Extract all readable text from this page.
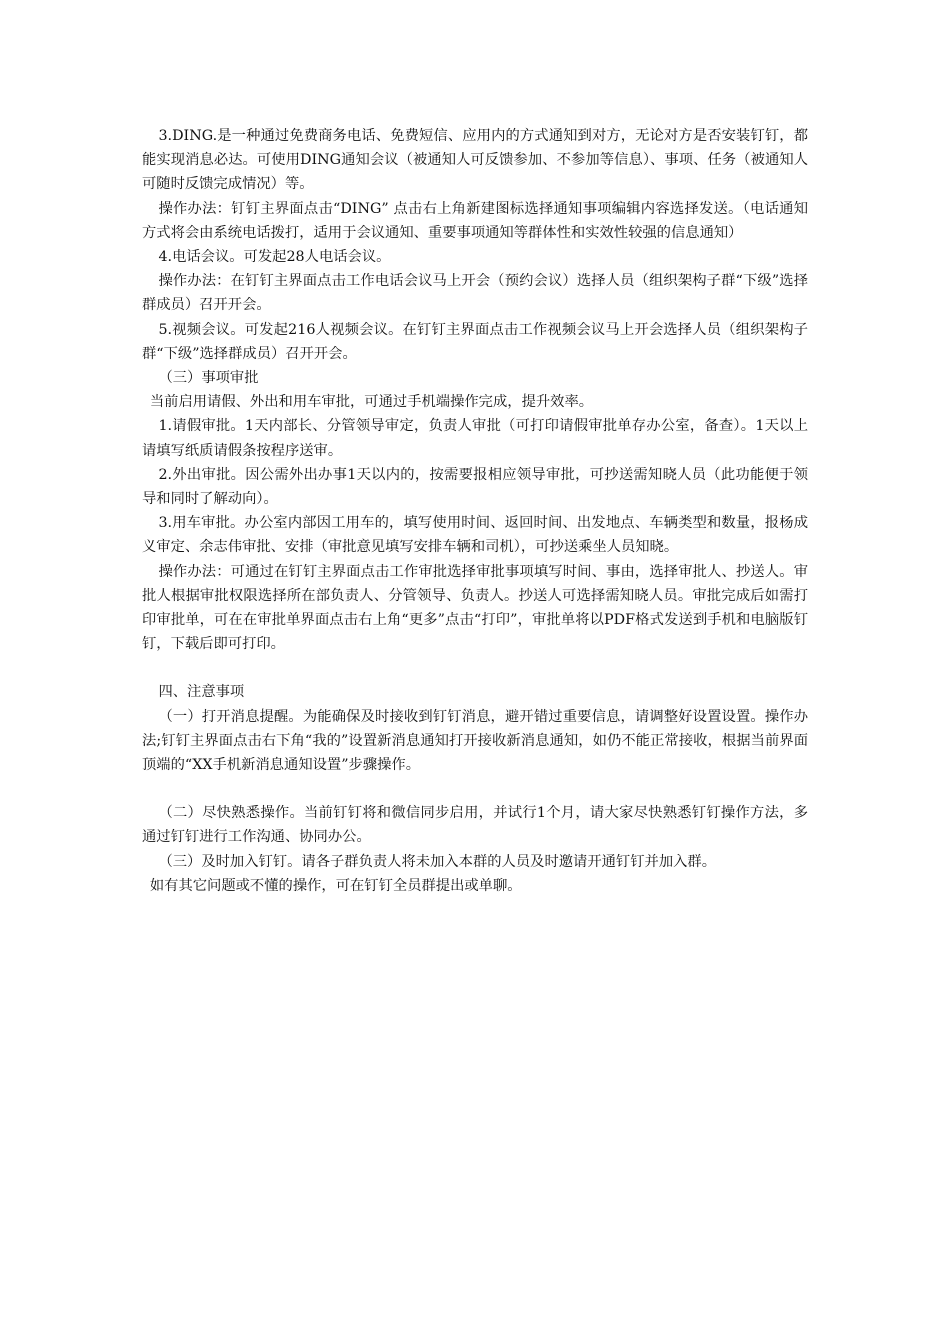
3.DING.是一种通过免费商务电话、免费短信、应用内的方式通知到对方，无论对方是否安装钉钉，都能实现消息必达。可使用DING通知会议（被通知人可反馈参加、不参加等信息）、事项、任务（被通知人可随时反馈完成情况）等。

操作办法：钉钉主界面点击“DING” 点击右上角新建图标选择通知事项编辑内容选择发送。（电话通知方式将会由系统电话拨打，适用于会议通知、重要事项通知等群体性和实效性较强的信息通知）

4.电话会议。可发起28人电话会议。

操作办法：在钉钉主界面点击工作电话会议马上开会（预约会议）选择人员（组织架构子群“下级”选择群成员）召开开会。

5.视频会议。可发起216人视频会议。在钉钉主界面点击工作视频会议马上开会选择人员（组织架构子群“下级”选择群成员）召开开会。

（三）事项审批

当前启用请假、外出和用车审批，可通过手机端操作完成，提升效率。

1.请假审批。1天内部长、分管领导审定，负责人审批（可打印请假审批单存办公室，备查）。1天以上请填写纸质请假条按程序送审。

2.外出审批。因公需外出办事1天以内的，按需要报相应领导审批，可抄送需知晓人员（此功能便于领导和同时了解动向）。

3.用车审批。办公室内部因工用车的，填写使用时间、返回时间、出发地点、车辆类型和数量，报杨成义审定、余志伟审批、安排（审批意见填写安排车辆和司机），可抄送乘坐人员知晓。

操作办法：可通过在钉钉主界面点击工作审批选择审批事项填写时间、事由，选择审批人、抄送人。审批人根据审批权限选择所在部负责人、分管领导、负责人。抄送人可选择需知晓人员。审批完成后如需打印审批单，可在在审批单界面点击右上角“更多”点击“打印”，审批单将以PDF格式发送到手机和电脑版钉钉，下载后即可打印。

四、注意事项

（一）打开消息提醒。为能确保及时接收到钉钉消息，避开错过重要信息，请调整好设置设置。操作办法;钉钉主界面点击右下角“我的”设置新消息通知打开接收新消息通知，如仍不能正常接收，根据当前界面顶端的“XX手机新消息通知设置”步骤操作。

（二）尽快熟悉操作。当前钉钉将和微信同步启用，并试行1个月，请大家尽快熟悉钉钉操作方法，多通过钉钉进行工作沟通、协同办公。

（三）及时加入钉钉。请各子群负责人将未加入本群的人员及时邀请开通钉钉并加入群。

如有其它问题或不懂的操作，可在钉钉全员群提出或单聊。
